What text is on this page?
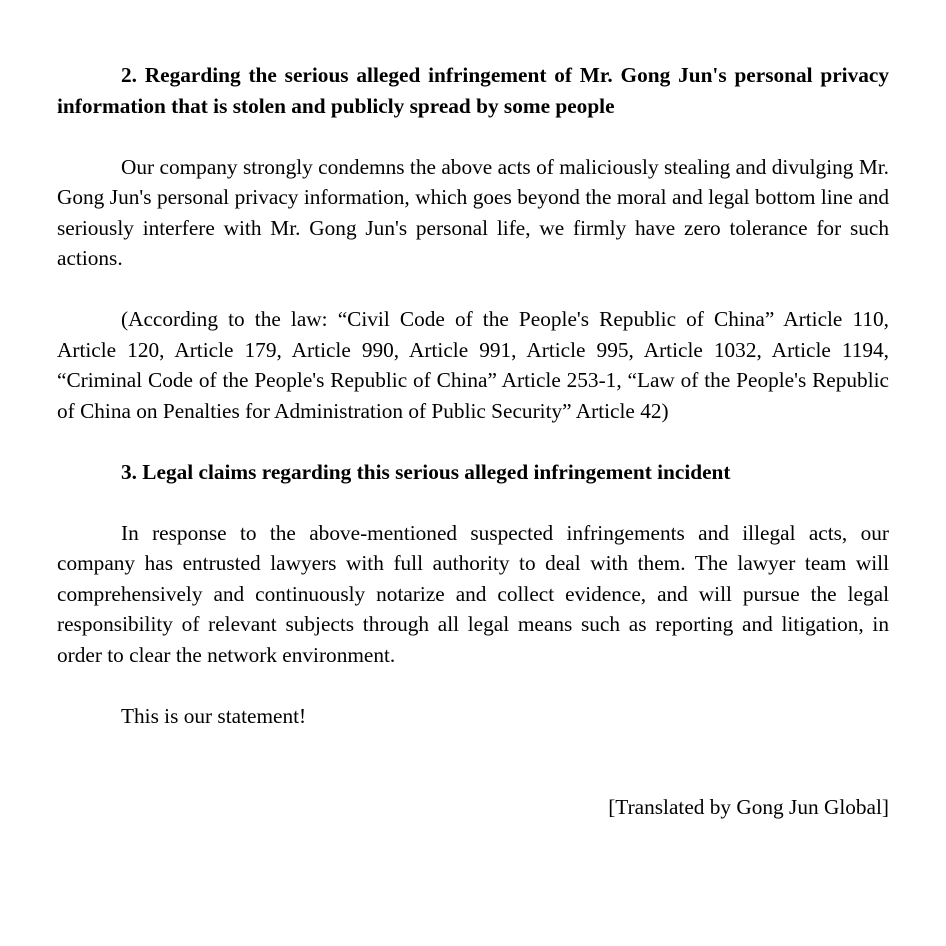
2. Regarding the serious alleged infringement of Mr. Gong Jun's personal privacy information that is stolen and publicly spread by some people

Our company strongly condemns the above acts of maliciously stealing and divulging Mr. Gong Jun's personal privacy information, which goes beyond the moral and legal bottom line and seriously interfere with Mr. Gong Jun's personal life, we firmly have zero tolerance for such actions.

(According to the law: “Civil Code of the People's Republic of China” Article 110, Article 120, Article 179, Article 990, Article 991, Article 995, Article 1032, Article 1194, “Criminal Code of the People's Republic of China” Article 253-1, “Law of the People's Republic of China on Penalties for Administration of Public Security” Article 42)

3. Legal claims regarding this serious alleged infringement incident

In response to the above-mentioned suspected infringements and illegal acts, our company has entrusted lawyers with full authority to deal with them. The lawyer team will comprehensively and continuously notarize and collect evidence, and will pursue the legal responsibility of relevant subjects through all legal means such as reporting and litigation, in order to clear the network environment.

This is our statement!

[Translated by Gong Jun Global]
